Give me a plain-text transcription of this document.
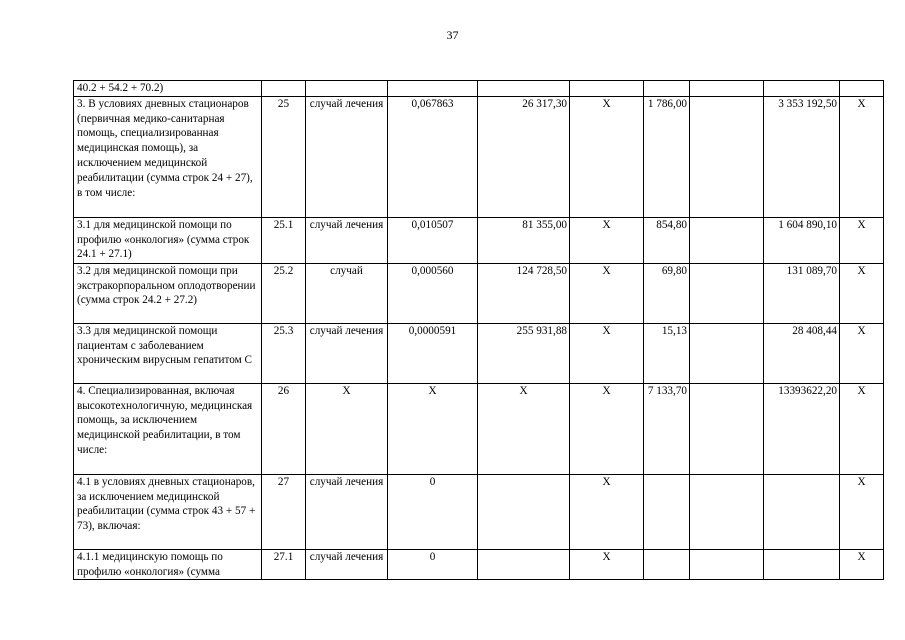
37
40.2 + 54.2 + 70.2)									
3. В условиях дневных стационаров (первичная медико-санитарная помощь, специализированная медицинская помощь), за исключением медицинской реабилитации (сумма строк 24 + 27), в том числе:	25	случай лечения	0,067863	26 317,30	Х	1 786,00		3 353 192,50	Х
3.1 для медицинской помощи по профилю «онкология» (сумма строк 24.1 + 27.1)	25.1	случай лечения	0,010507	81 355,00	Х	854,80		1 604 890,10	Х
3.2 для медицинской помощи при экстракорпоральном оплодотворении (сумма строк 24.2 + 27.2)	25.2	случай	0,000560	124 728,50	Х	69,80		131 089,70	Х
3.3 для медицинской помощи пациентам с заболеванием хроническим вирусным гепатитом С	25.3	случай лечения	0,0000591	255 931,88	Х	15,13		28 408,44	Х
4. Специализированная, включая высокотехнологичную, медицинская помощь, за исключением медицинской реабилитации, в том числе:	26	Х	Х	Х	Х	7 133,70		13393622,20	Х
4.1 в условиях дневных стационаров, за исключением медицинской реабилитации (сумма строк 43 + 57 + 73), включая:	27	случай лечения	0		Х				Х
4.1.1 медицинскую помощь по профилю «онкология» (сумма	27.1	случай лечения	0		Х				Х
